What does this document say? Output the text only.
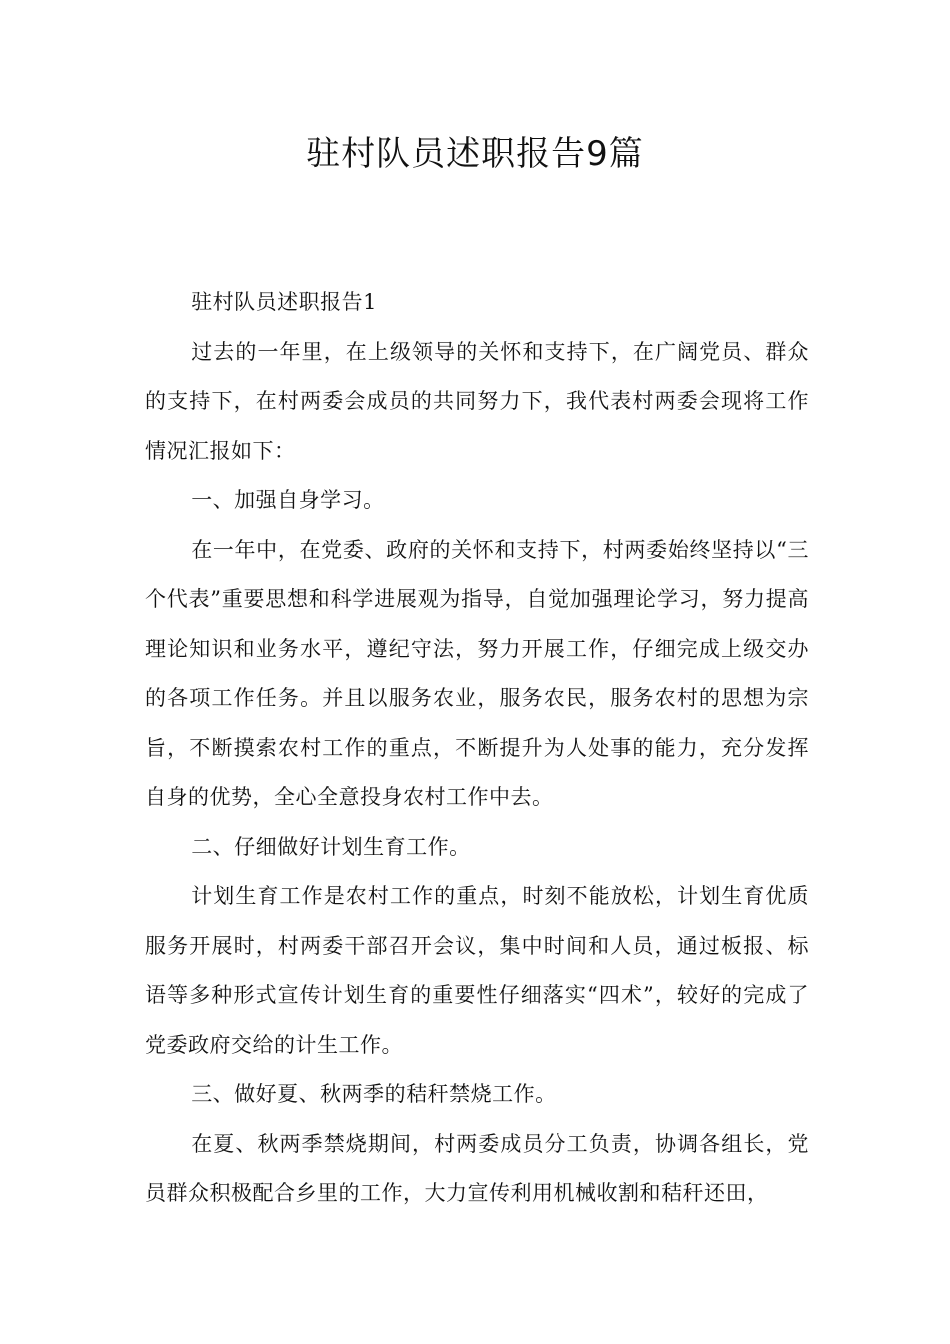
驻村队员述职报告9篇

驻村队员述职报告1

过去的一年里，在上级领导的关怀和支持下，在广阔党员、群众的支持下，在村两委会成员的共同努力下，我代表村两委会现将工作情况汇报如下：

一、加强自身学习。

在一年中，在党委、政府的关怀和支持下，村两委始终坚持以“三个代表”重要思想和科学进展观为指导，自觉加强理论学习，努力提高理论知识和业务水平，遵纪守法，努力开展工作，仔细完成上级交办的各项工作任务。并且以服务农业，服务农民，服务农村的思想为宗旨，不断摸索农村工作的重点，不断提升为人处事的能力，充分发挥自身的优势，全心全意投身农村工作中去。

二、仔细做好计划生育工作。

计划生育工作是农村工作的重点，时刻不能放松，计划生育优质服务开展时，村两委干部召开会议，集中时间和人员，通过板报、标语等多种形式宣传计划生育的重要性仔细落实“四术”，较好的完成了党委政府交给的计生工作。

三、做好夏、秋两季的秸秆禁烧工作。

在夏、秋两季禁烧期间，村两委成员分工负责，协调各组长，党员群众积极配合乡里的工作，大力宣传利用机械收割和秸秆还田，
